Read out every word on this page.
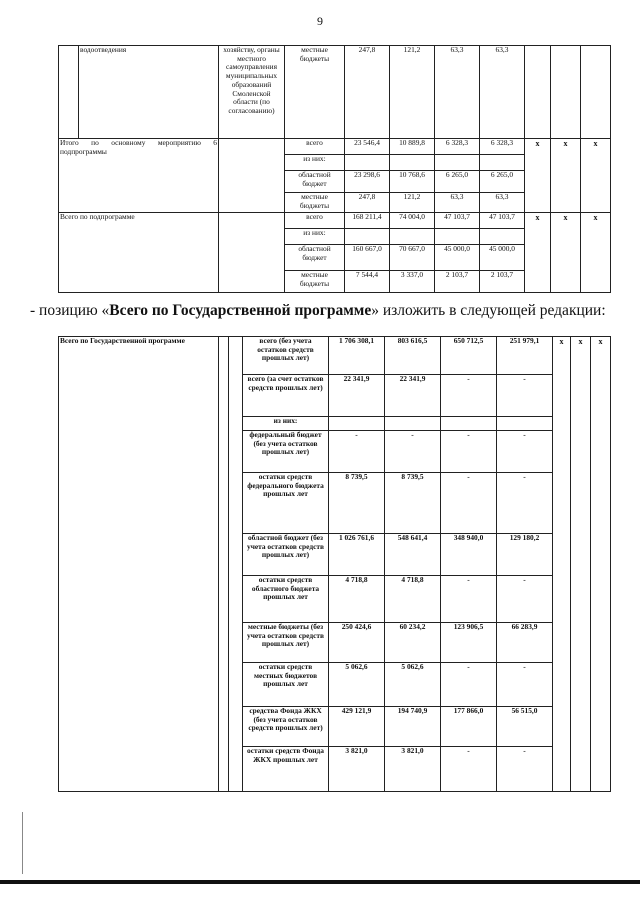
9
	водоотведения	хозяйству, органы местного самоуправления муниципальных образований Смоленской области (по согласованию)	местные бюджеты	247,8	121,2	63,3	63,3			
Итого по основному мероприятию 6 подпрограммы			всего	23 546,4	10 889,8	6 328,3	6 328,3	х	х	х
			из них:							
			областной бюджет	23 298,6	10 768,6	6 265,0	6 265,0			
			местные бюджеты	247,8	121,2	63,3	63,3			
Всего по подпрограмме			всего	168 211,4	74 004,0	47 103,7	47 103,7	х	х	х
			из них:							
			областной бюджет	160 667,0	70 667,0	45 000,0	45 000,0			
			местные бюджеты	7 544,4	3 337,0	2 103,7	2 103,7			
- позицию «Всего по Государственной программе» изложить в следующей редакции:
Всего по Государственной программе			всего (без учета остатков средств прошлых лет)	1 706 308,1	803 616,5	650 712,5	251 979,1	х	х	х
			всего (за счет остатков средств прошлых лет)	22 341,9	22 341,9	-	-			
			из них:							
			федеральный бюджет (без учета остатков прошлых лет)	-	-	-	-			
			остатки средств федерального бюджета прошлых лет	8 739,5	8 739,5	-	-			
			областной бюджет (без учета остатков средств прошлых лет)	1 026 761,6	548 641,4	348 940,0	129 180,2			
			остатки средств областного бюджета прошлых лет	4 718,8	4 718,8	-	-			
			местные бюджеты (без учета остатков средств прошлых лет)	250 424,6	60 234,2	123 906,5	66 283,9			
			остатки средств местных бюджетов прошлых лет	5 062,6	5 062,6	-	-			
			средства Фонда ЖКХ (без учета остатков средств прошлых лет)	429 121,9	194 740,9	177 866,0	56 515,0			
			остатки средств Фонда ЖКХ прошлых лет	3 821,0	3 821,0	-	-			
